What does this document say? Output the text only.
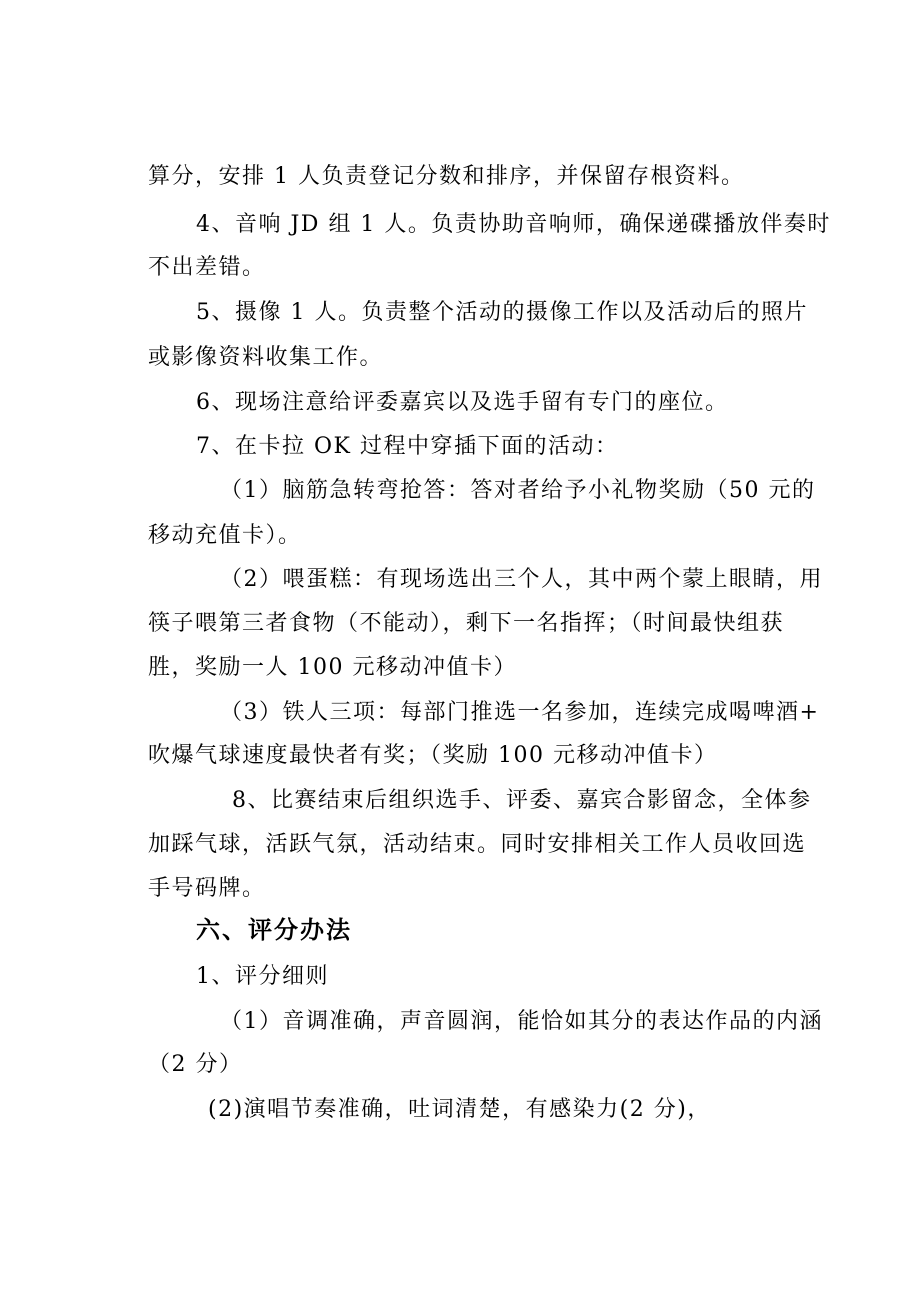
算分，安排 1 人负责登记分数和排序，并保留存根资料。
4、音响 JD 组 1 人。负责协助音响师，确保递碟播放伴奏时
不出差错。
5、摄像 1 人。负责整个活动的摄像工作以及活动后的照片
或影像资料收集工作。
6、现场注意给评委嘉宾以及选手留有专门的座位。
7、在卡拉 OK 过程中穿插下面的活动：
（1）脑筋急转弯抢答：答对者给予小礼物奖励（50 元的
移动充值卡）。
（2）喂蛋糕：有现场选出三个人，其中两个蒙上眼睛，用
筷子喂第三者食物（不能动），剩下一名指挥；（时间最快组获
胜，奖励一人 100 元移动冲值卡）
（3）铁人三项：每部门推选一名参加，连续完成喝啤酒+
吹爆气球速度最快者有奖；（奖励 100 元移动冲值卡）
8、比赛结束后组织选手、评委、嘉宾合影留念，全体参
加踩气球，活跃气氛，活动结束。同时安排相关工作人员收回选
手号码牌。
六、评分办法
1、评分细则
（1）音调准确，声音圆润，能恰如其分的表达作品的内涵
（2 分）
(2)演唱节奏准确，吐词清楚，有感染力(2 分)，
